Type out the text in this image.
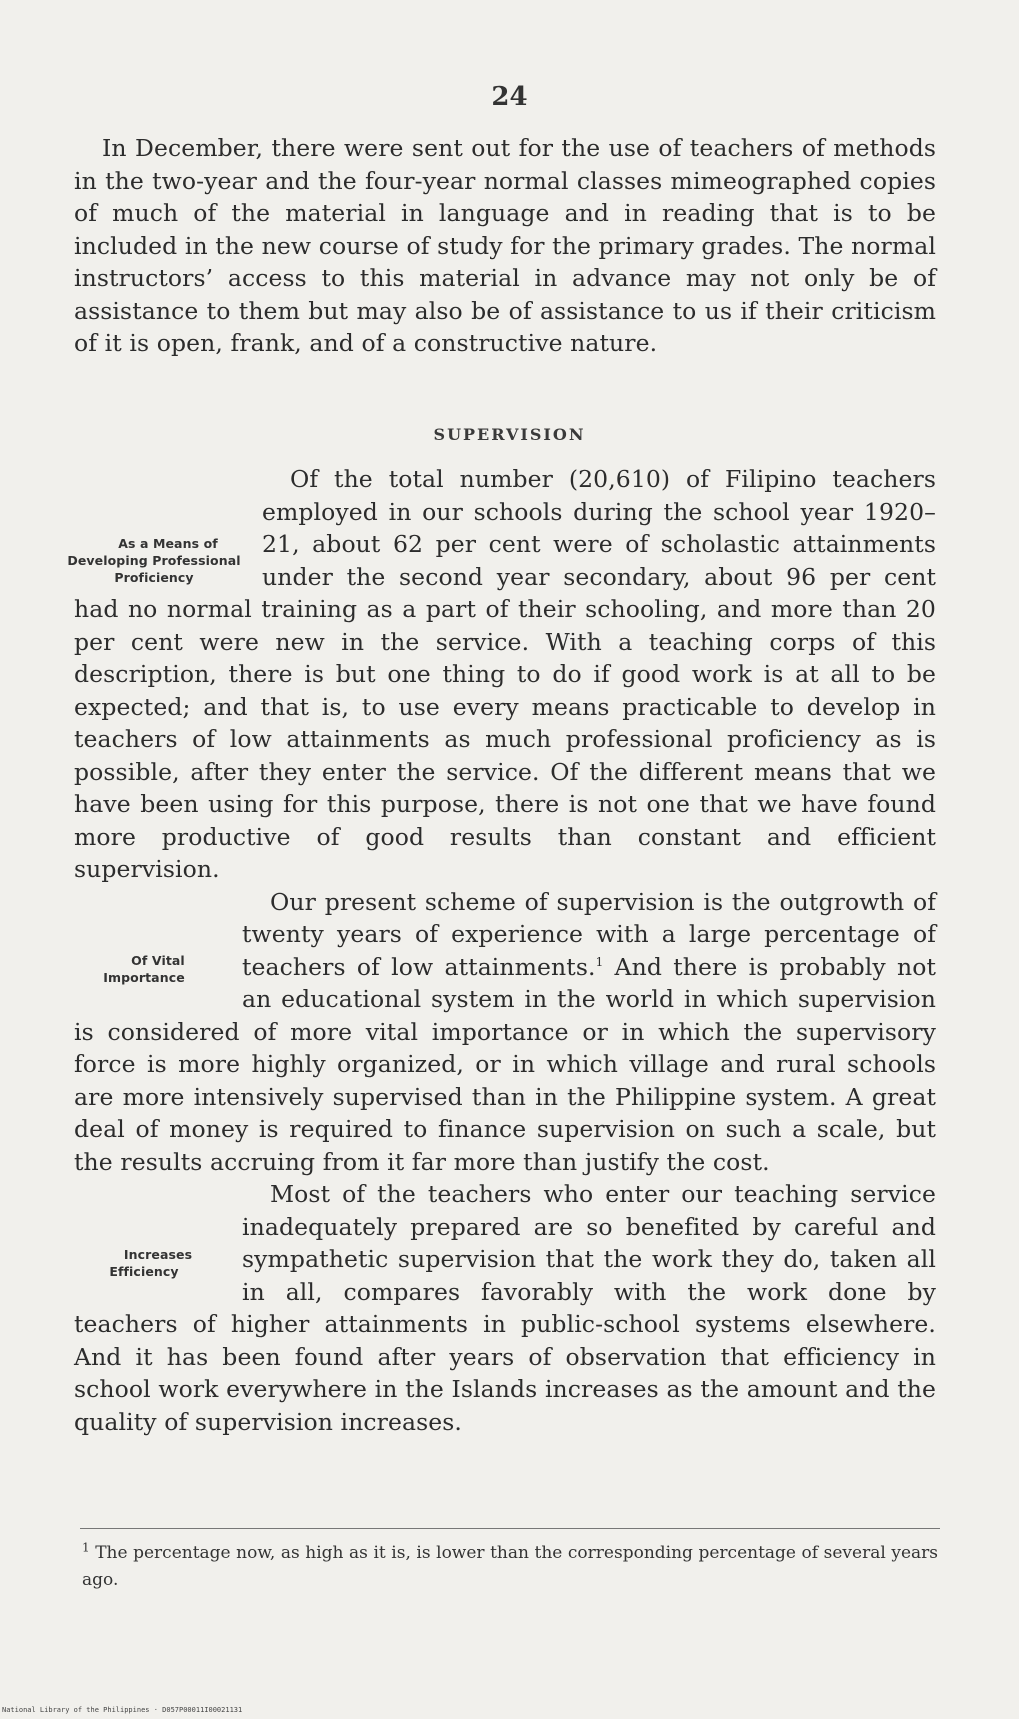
24

In December, there were sent out for the use of teachers of methods in the two-year and the four-year normal classes mimeographed copies of much of the material in language and in reading that is to be included in the new course of study for the primary grades. The normal instructors’ access to this material in advance may not only be of assistance to them but may also be of assistance to us if their criticism of it is open, frank, and of a constructive nature.

SUPERVISION

As a Means of Developing Professional Proficiency
Of the total number (20,610) of Filipino teachers employed in our schools during the school year 1920–21, about 62 per cent were of scholastic attainments under the second year secondary, about 96 per cent had no normal training as a part of their schooling, and more than 20 per cent were new in the service. With a teaching corps of this description, there is but one thing to do if good work is at all to be expected; and that is, to use every means practicable to develop in teachers of low attainments as much professional proficiency as is possible, after they enter the service. Of the different means that we have been using for this purpose, there is not one that we have found more productive of good results than constant and efficient supervision.

Of Vital Importance
Our present scheme of supervision is the outgrowth of twenty years of experience with a large percentage of teachers of low attainments.$^1$ And there is probably not an educational system in the world in which supervision is considered of more vital importance or in which the supervisory force is more highly organized, or in which village and rural schools are more intensively supervised than in the Philippine system. A great deal of money is required to finance supervision on such a scale, but the results accruing from it far more than justify the cost.

Increases Efficiency
Most of the teachers who enter our teaching service inadequately prepared are so benefited by careful and sympathetic supervision that the work they do, taken all in all, compares favorably with the work done by teachers of higher attainments in public-school systems elsewhere. And it has been found after years of observation that efficiency in school work everywhere in the Islands increases as the amount and the quality of supervision increases.

$^1$ The percentage now, as high as it is, is lower than the corresponding percentage of several years ago.
National Library of the Philippines · D057P00011I00021131
